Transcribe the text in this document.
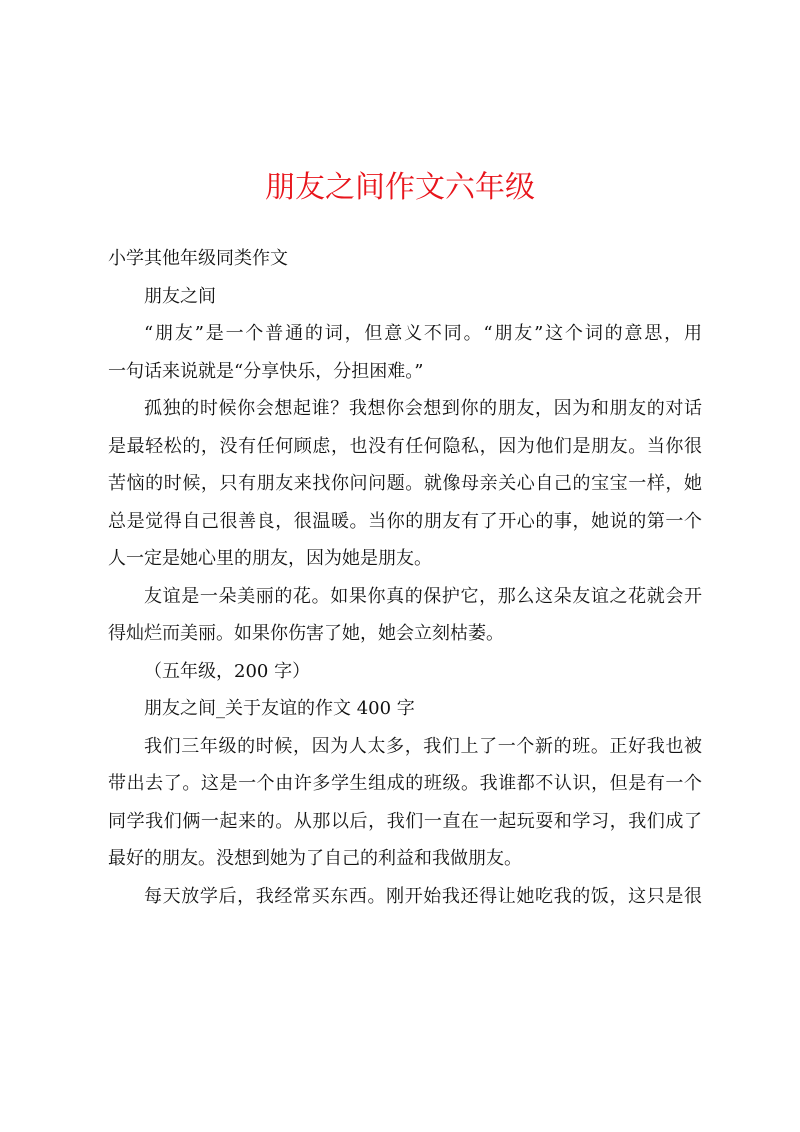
朋友之间作文六年级
小学其他年级同类作文
朋友之间
“朋友”是一个普通的词，但意义不同。“朋友”这个词的意思，用
一句话来说就是“分享快乐，分担困难。”
孤独的时候你会想起谁？我想你会想到你的朋友，因为和朋友的对话
是最轻松的，没有任何顾虑，也没有任何隐私，因为他们是朋友。当你很
苦恼的时候，只有朋友来找你问问题。就像母亲关心自己的宝宝一样，她
总是觉得自己很善良，很温暖。当你的朋友有了开心的事，她说的第一个
人一定是她心里的朋友，因为她是朋友。
友谊是一朵美丽的花。如果你真的保护它，那么这朵友谊之花就会开
得灿烂而美丽。如果你伤害了她，她会立刻枯萎。
（五年级，200 字）
朋友之间_关于友谊的作文 400 字
我们三年级的时候，因为人太多，我们上了一个新的班。正好我也被
带出去了。这是一个由许多学生组成的班级。我谁都不认识，但是有一个
同学我们俩一起来的。从那以后，我们一直在一起玩耍和学习，我们成了
最好的朋友。没想到她为了自己的利益和我做朋友。
每天放学后，我经常买东西。刚开始我还得让她吃我的饭，这只是很
